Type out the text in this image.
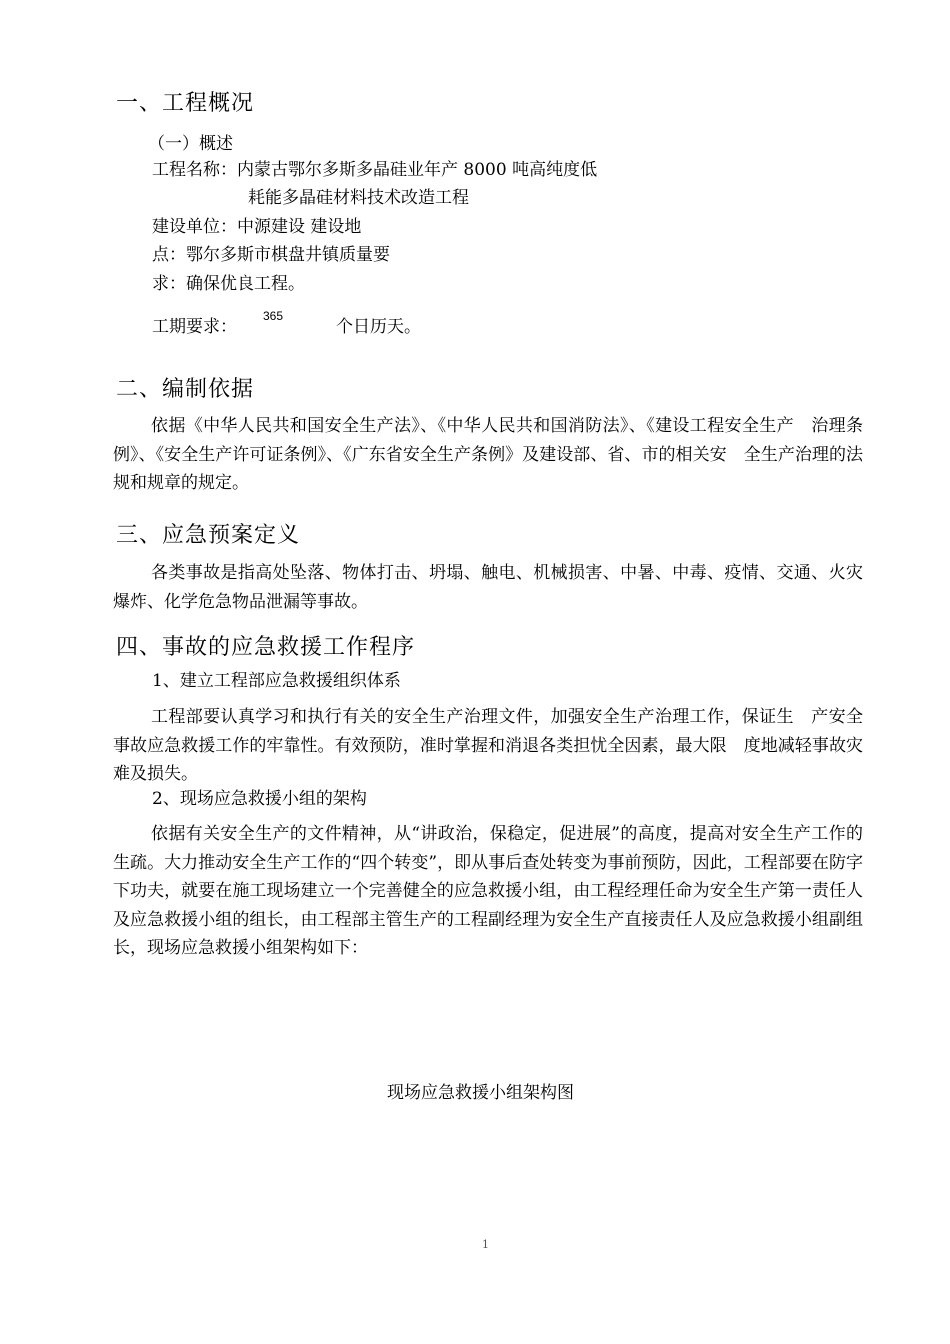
一、工程概况
（一）概述
工程名称：内蒙古鄂尔多斯多晶硅业年产 8000 吨高纯度低
耗能多晶硅材料技术改造工程
建设单位：中源建设 建设地
点：鄂尔多斯市棋盘井镇质量要
求：确保优良工程。
工期要求：
365
个日历天。
二、编制依据

依据《中华人民共和国安全生产法》、《中华人民共和国消防法》、《建设工程安全生产　治理条例》、《安全生产许可证条例》、《广东省安全生产条例》及建设部、省、市的相关安　全生产治理的法规和规章的规定。

三、应急预案定义

各类事故是指高处坠落、物体打击、坍塌、触电、机械损害、中暑、中毒、疫情、交通、火灾爆炸、化学危急物品泄漏等事故。

四、事故的应急救援工作程序
1、建立工程部应急救援组织体系

工程部要认真学习和执行有关的安全生产治理文件，加强安全生产治理工作，保证生　产安全事故应急救援工作的牢靠性。有效预防，准时掌握和消退各类担忧全因素，最大限　度地减轻事故灾难及损失。

2、现场应急救援小组的架构

依据有关安全生产的文件精神，从“讲政治，保稳定，促进展”的高度，提高对安全生产工作的生疏。大力推动安全生产工作的“四个转变”，即从事后查处转变为事前预防，因此，工程部要在防字下功夫，就要在施工现场建立一个完善健全的应急救援小组，由工程经理任命为安全生产第一责任人及应急救援小组的组长，由工程部主管生产的工程副经理为安全生产直接责任人及应急救援小组副组长，现场应急救援小组架构如下：

现场应急救援小组架构图
1
